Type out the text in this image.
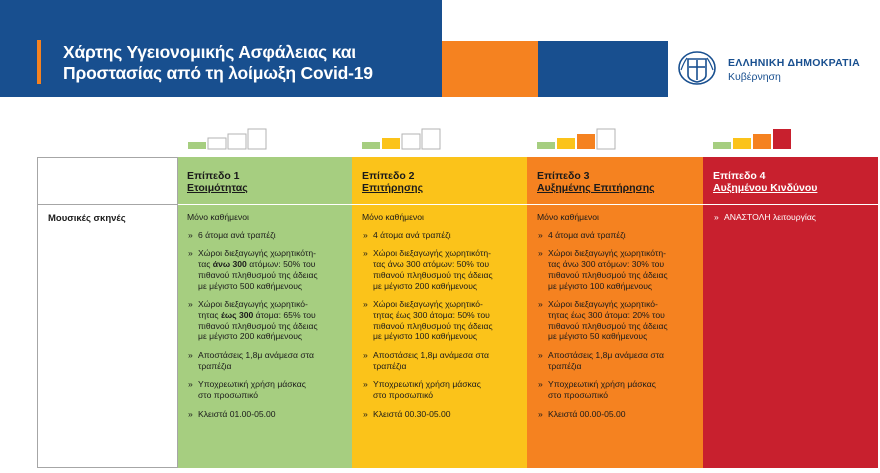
Χάρτης Υγειονομικής Ασφάλειας και
Προστασίας από τη λοίμωξη Covid-19	ΕΛΛΗΝΙΚΗ ΔΗΜΟΚΡΑΤΙΑ
Κυβέρνηση
Επίπεδο 1
Ετοιμότητας
Επίπεδο 2
Επιτήρησης
Επίπεδο 3
Αυξημένης Επιτήρησης
Επίπεδο 4
Αυξημένου Κινδύνου
Μουσικές σκηνές	Μόνο καθήμενοι
» 6 άτομα ανά τραπέζι
» Χώροι διεξαγωγής χωρητικότη-
τας άνω 300 ατόμων: 50% του
πιθανού πληθυσμού της άδειας
με μέγιστο 500 καθήμενους
» Χώροι διεξαγωγής χωρητικό-
τητας έως 300 άτομα: 65% του
πιθανού πληθυσμού της άδειας
με μέγιστο 200 καθήμενους
» Αποστάσεις 1,8μ ανάμεσα στα
τραπέζια
» Υποχρεωτική χρήση μάσκας
στο προσωπικό
» Κλειστά 01.00-05.00
Μόνο καθήμενοι
» 4 άτομα ανά τραπέζι
» Χώροι διεξαγωγής χωρητικότη-
τας άνω 300 ατόμων: 50% του
πιθανού πληθυσμού της άδειας
με μέγιστο 200 καθήμενους
» Χώροι διεξαγωγής χωρητικό-
τητας έως 300 άτομα: 50% του
πιθανού πληθυσμού της άδειας
με μέγιστο 100 καθήμενους
» Αποστάσεις 1,8μ ανάμεσα στα
τραπέζια
» Υποχρεωτική χρήση μάσκας
στο προσωπικό
» Κλειστά 00.30-05.00
Μόνο καθήμενοι
» 4 άτομα ανά τραπέζι
» Χώροι διεξαγωγής χωρητικότη-
τας άνω 300 ατόμων: 30% του
πιθανού πληθυσμού της άδειας
με μέγιστο 100 καθήμενους
» Χώροι διεξαγωγής χωρητικό-
τητας έως 300 άτομα: 20% του
πιθανού πληθυσμού της άδειας
με μέγιστο 50 καθήμενους
» Αποστάσεις 1,8μ ανάμεσα στα
τραπέζια
» Υποχρεωτική χρήση μάσκας
στο προσωπικό
» Κλειστά 00.00-05.00
» ΑΝΑΣΤΟΛΗ λειτουργίας
